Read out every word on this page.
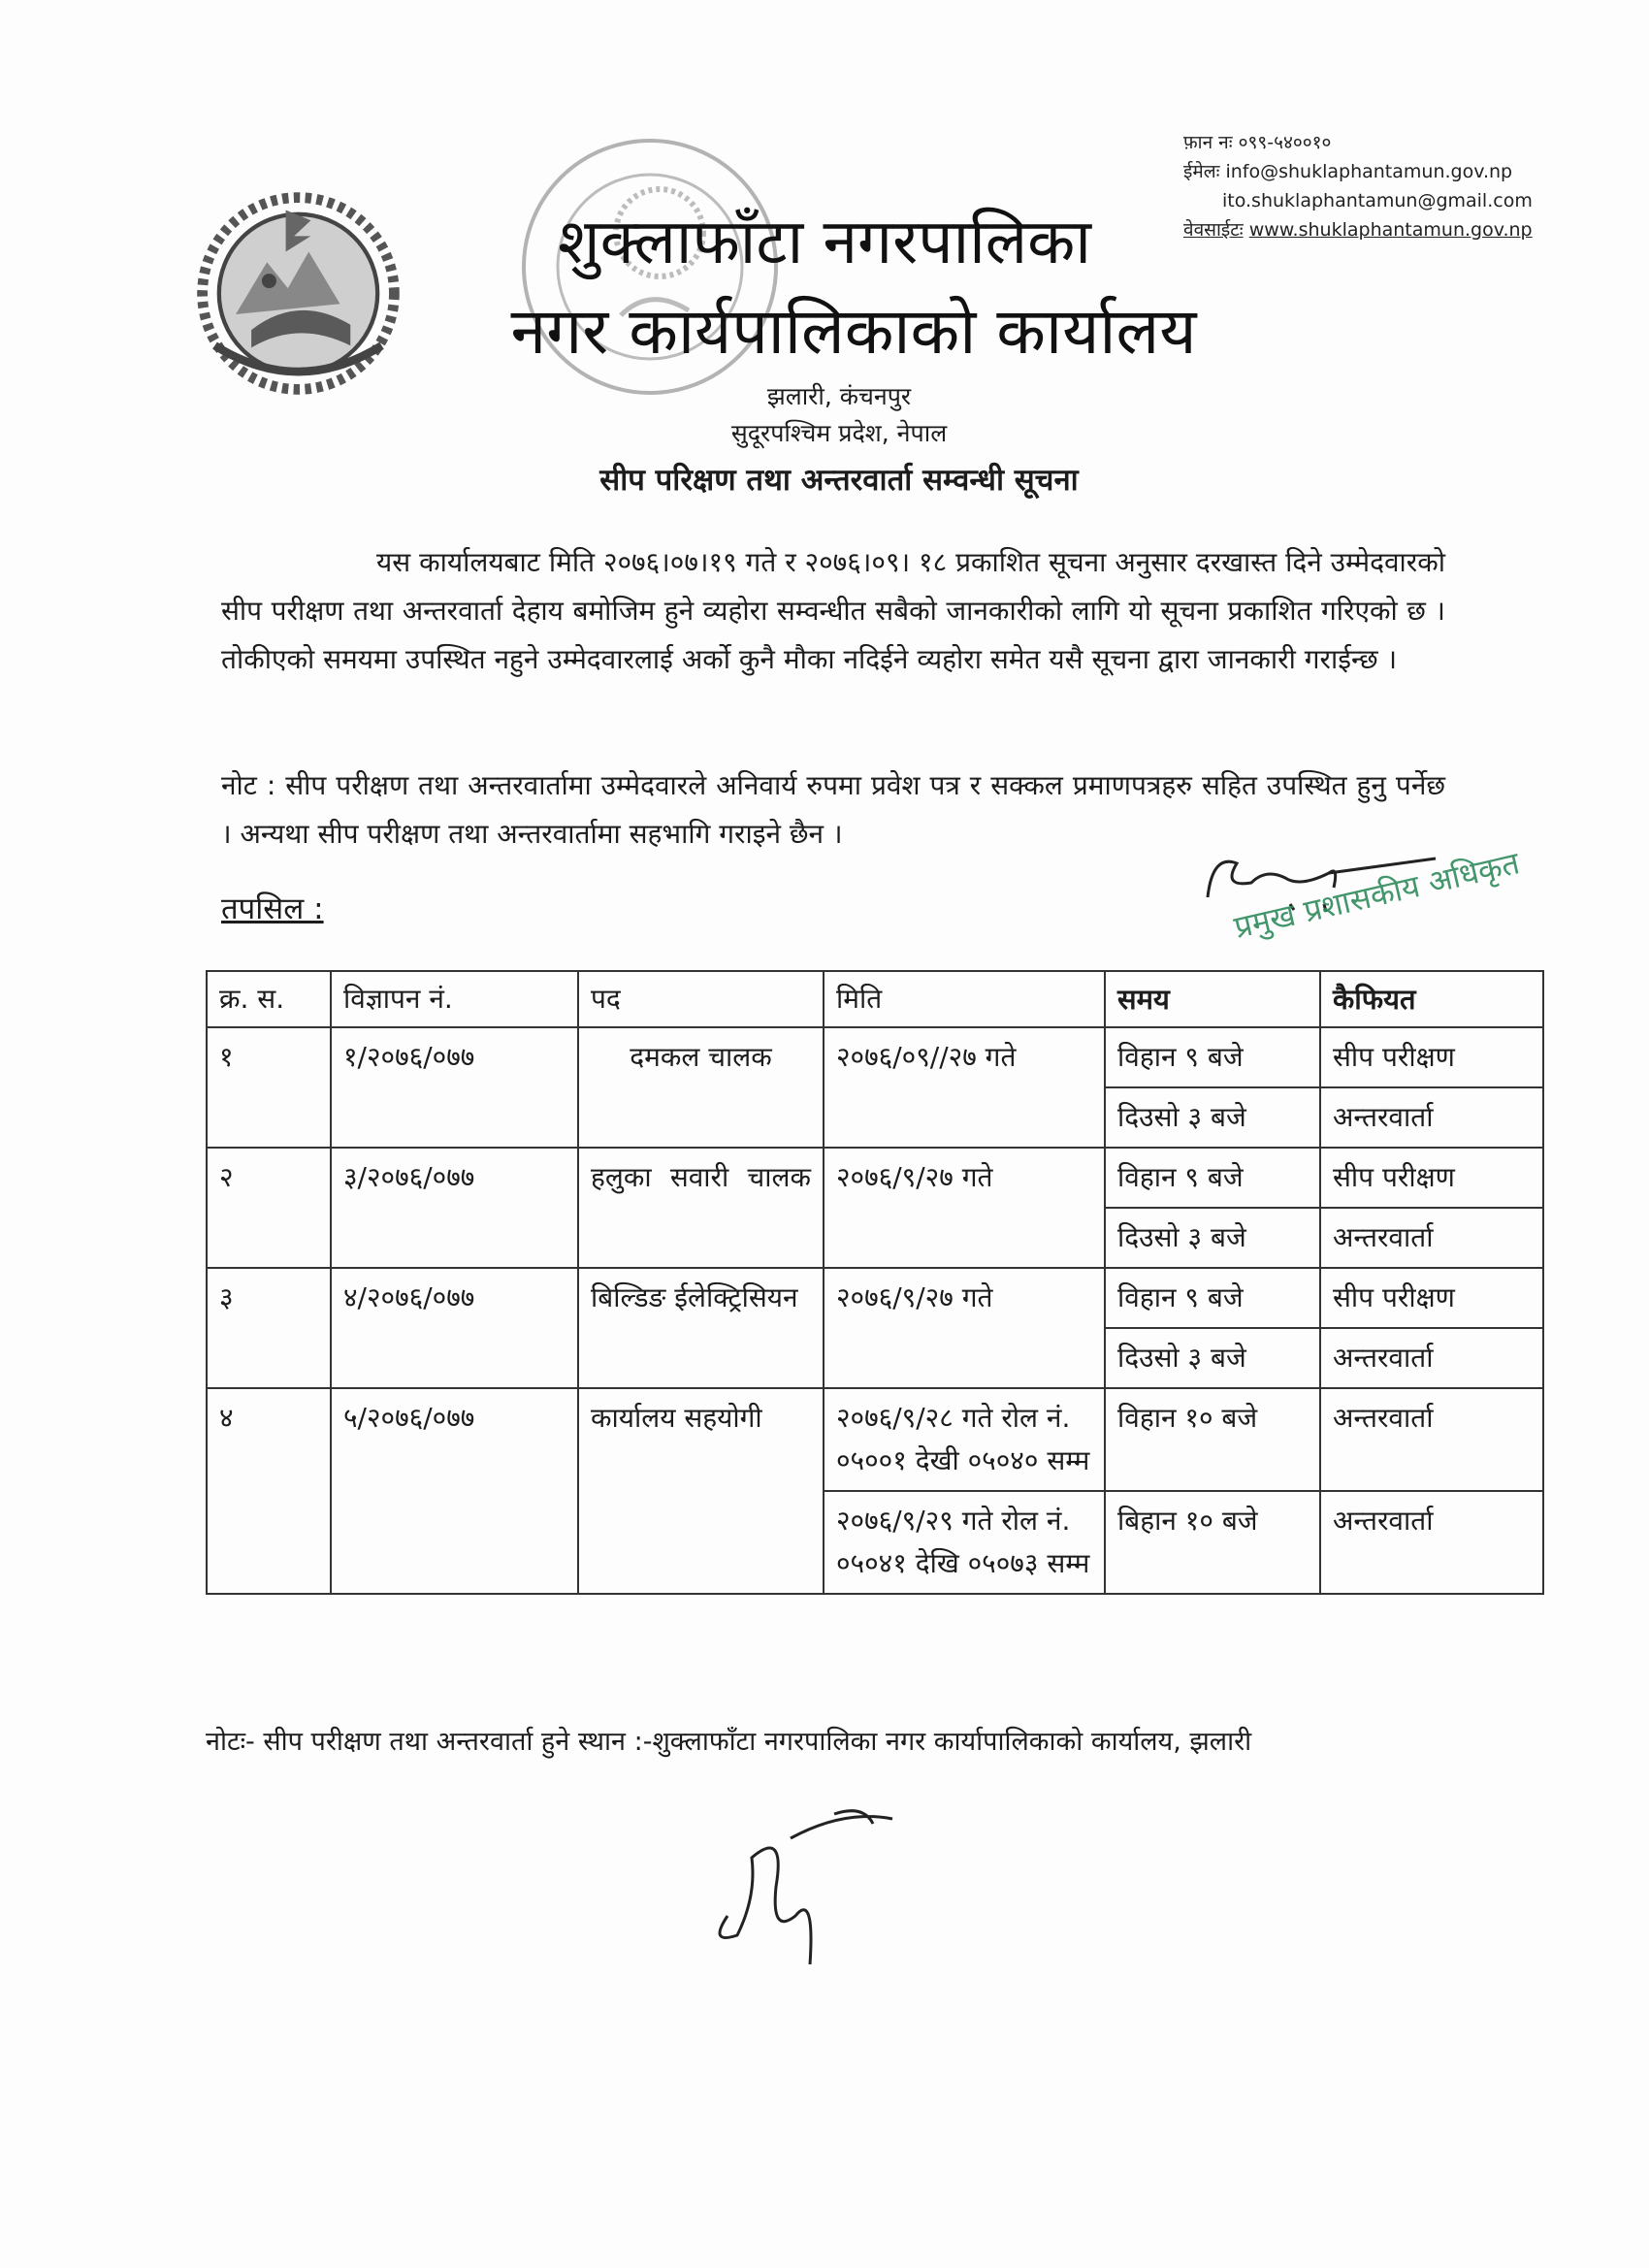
फ़ान नः ०९९-५४००१०
ईमेलः info@shuklaphantamun.gov.np
ito.shuklaphantamun@gmail.com
वेवसाईटः www.shuklaphantamun.gov.np
शुक्लाफाँटा नगरपालिका
नगर कार्यपालिकाको कार्यालय
झलारी, कंचनपुर
सुदूरपश्चिम प्रदेश, नेपाल
सीप परिक्षण तथा अन्तरवार्ता सम्वन्धी सूचना

यस कार्यालयबाट मिति २०७६।०७।१९ गते र २०७६।०९। १८ प्रकाशित सूचना अनुसार दरखास्त दिने उम्मेदवारको सीप परीक्षण तथा अन्तरवार्ता देहाय बमोजिम हुने व्यहोरा सम्वन्धीत सबैको जानकारीको लागि यो सूचना प्रकाशित गरिएको छ । तोकीएको समयमा उपस्थित नहुने उम्मेदवारलाई अर्को कुनै मौका नदिईने व्यहोरा समेत यसै सूचना द्वारा जानकारी गराईन्छ ।

नोट : सीप परीक्षण तथा अन्तरवार्तामा उम्मेदवारले अनिवार्य रुपमा प्रवेश पत्र र सक्कल प्रमाणपत्रहरु सहित उपस्थित हुनु पर्नेछ । अन्यथा सीप परीक्षण तथा अन्तरवार्तामा सहभागि गराइने छैन ।

तपसिल :	प्रमुख प्रशासकीय अधिकृत
क्र. स.	विज्ञापन नं.	पद	मिति	समय	कैफियत
१	१/२०७६/०७७	दमकल चालक	२०७६/०९//२७ गते	विहान ९ बजे	सीप परीक्षण
				दिउसो ३ बजे	अन्तरवार्ता
२	३/२०७६/०७७	हलुका सवारी चालक	२०७६/९/२७ गते	विहान ९ बजे	सीप परीक्षण
				दिउसो ३ बजे	अन्तरवार्ता
३	४/२०७६/०७७	बिल्डिङ ईलेक्ट्रिसियन	२०७६/९/२७ गते	विहान ९ बजे	सीप परीक्षण
				दिउसो ३ बजे	अन्तरवार्ता
४	५/२०७६/०७७	कार्यालय सहयोगी	२०७६/९/२८ गते रोल नं. ०५००१ देखी ०५०४० सम्म	विहान १० बजे	अन्तरवार्ता
			२०७६/९/२९ गते रोल नं. ०५०४१ देखि ०५०७३ सम्म	बिहान १० बजे	अन्तरवार्ता
नोटः- सीप परीक्षण तथा अन्तरवार्ता हुने स्थान :-शुक्लाफाँटा नगरपालिका नगर कार्यापालिकाको कार्यालय, झलारी
